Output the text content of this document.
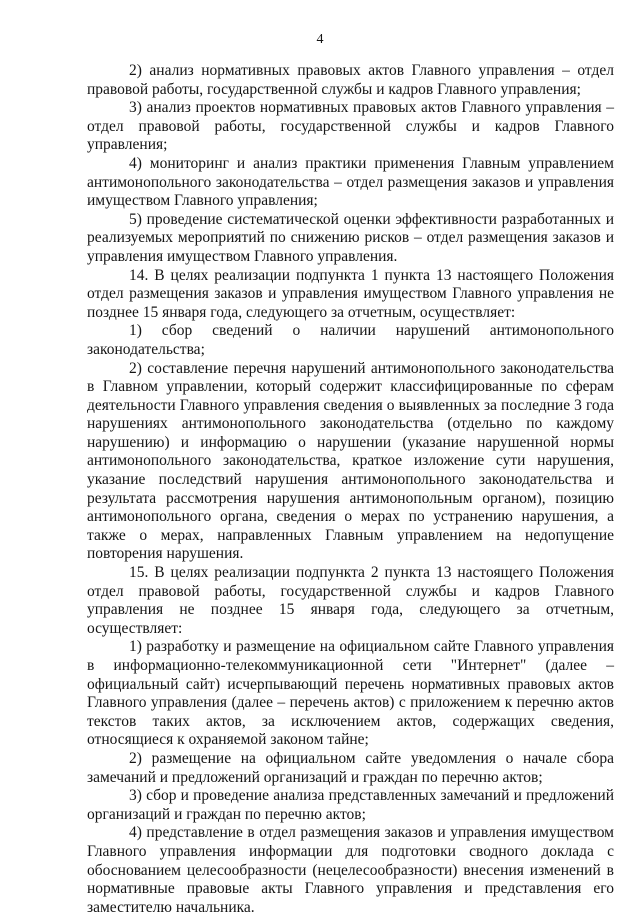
4

2) анализ нормативных правовых актов Главного управления – отдел правовой работы, государственной службы и кадров Главного управления;

3) анализ проектов нормативных правовых актов Главного управления – отдел правовой работы, государственной службы и кадров Главного управления;

4) мониторинг и анализ практики применения Главным управлением антимонопольного законодательства – отдел размещения заказов и управления имуществом Главного управления;

5) проведение систематической оценки эффективности разработанных и реализуемых мероприятий по снижению рисков – отдел размещения заказов и управления имуществом Главного управления.

14. В целях реализации подпункта 1 пункта 13 настоящего Положения отдел размещения заказов и управления имуществом Главного управления не позднее 15 января года, следующего за отчетным, осуществляет:

1) сбор сведений о наличии нарушений антимонопольного законодательства;

2) составление перечня нарушений антимонопольного законодательства в Главном управлении, который содержит классифицированные по сферам деятельности Главного управления сведения о выявленных за последние 3 года нарушениях антимонопольного законодательства (отдельно по каждому нарушению) и информацию о нарушении (указание нарушенной нормы антимонопольного законодательства, краткое изложение сути нарушения, указание последствий нарушения антимонопольного законодательства и результата рассмотрения нарушения антимонопольным органом), позицию антимонопольного органа, сведения о мерах по устранению нарушения, а также о мерах, направленных Главным управлением на недопущение повторения нарушения.

15. В целях реализации подпункта 2 пункта 13 настоящего Положения отдел правовой работы, государственной службы и кадров Главного управления не позднее 15 января года, следующего за отчетным, осуществляет:

1) разработку и размещение на официальном сайте Главного управления в информационно-телекоммуникационной сети "Интернет" (далее – официальный сайт) исчерпывающий перечень нормативных правовых актов Главного управления (далее – перечень актов) с приложением к перечню актов текстов таких актов, за исключением актов, содержащих сведения, относящиеся к охраняемой законом тайне;

2) размещение на официальном сайте уведомления о начале сбора замечаний и предложений организаций и граждан по перечню актов;

3) сбор и проведение анализа представленных замечаний и предложений организаций и граждан по перечню актов;

4) представление в отдел размещения заказов и управления имуществом Главного управления информации для подготовки сводного доклада с обоснованием целесообразности (нецелесообразности) внесения изменений в нормативные правовые акты Главного управления и представления его заместителю начальника.
